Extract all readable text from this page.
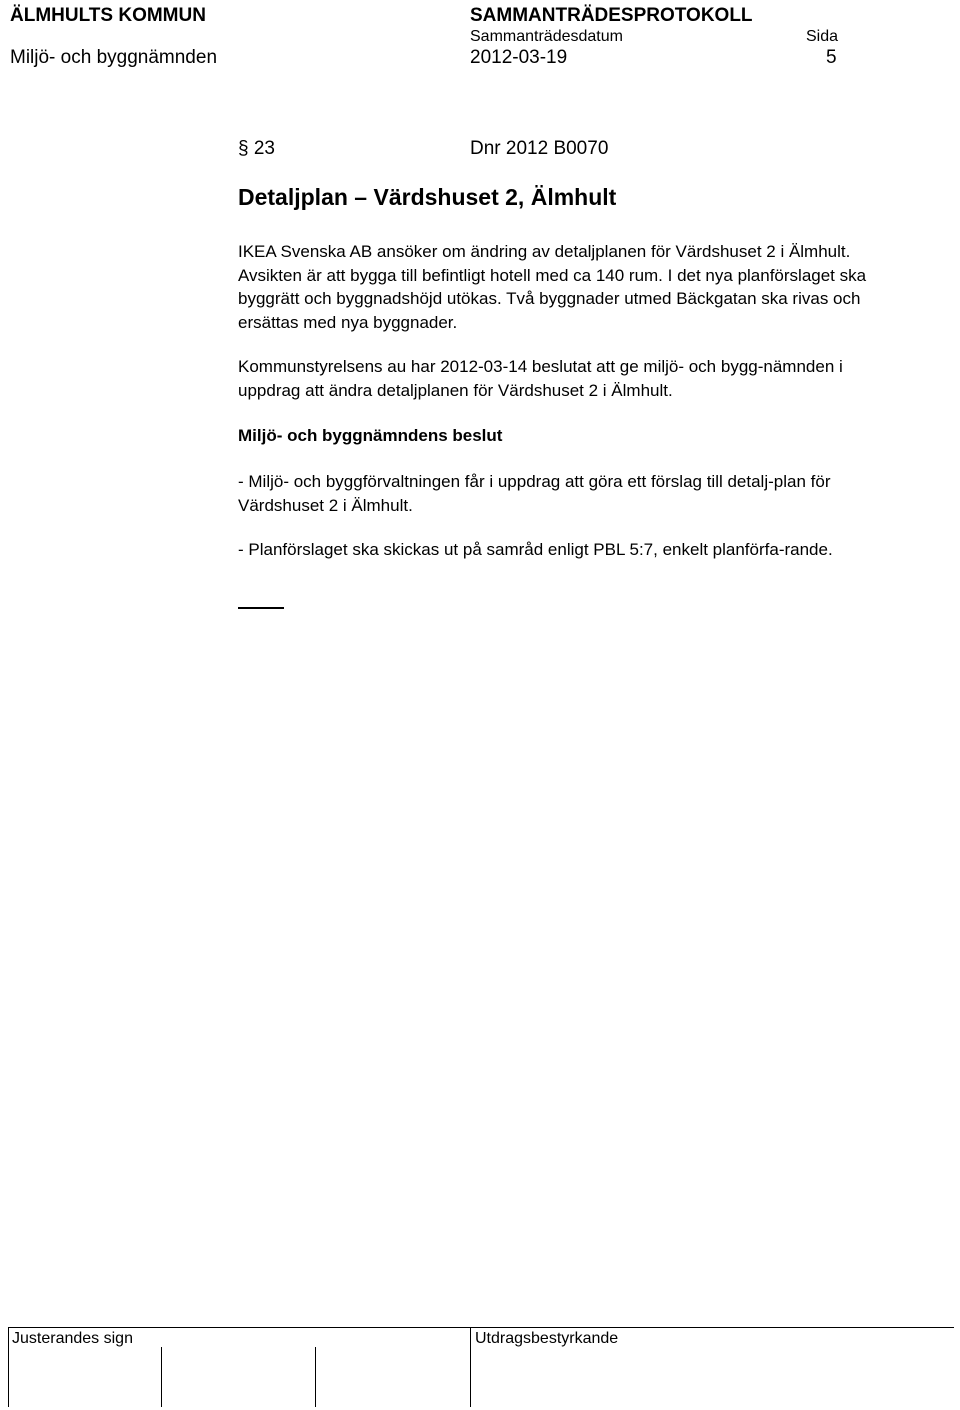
ÄLMHULTS KOMMUN	SAMMANTRÄDESPROTOKOLL
Sammanträdesdatum	Sida
Miljö- och byggnämnden	2012-03-19	5
§ 23	Dnr 2012 B0070
Detaljplan – Värdshuset 2, Älmhult

IKEA Svenska AB ansöker om ändring av detaljplanen för Värdshuset 2 i Älmhult. Avsikten är att bygga till befintligt hotell med ca 140 rum. I det nya planförslaget ska byggrätt och byggnadshöjd utökas. Två byggnader utmed Bäckgatan ska rivas och ersättas med nya byggnader.

Kommunstyrelsens au har 2012-03-14 beslutat att ge miljö- och bygg-nämnden i uppdrag att ändra detaljplanen för Värdshuset 2 i Älmhult.

Miljö- och byggnämndens beslut

- Miljö- och byggförvaltningen får i uppdrag att göra ett förslag till detalj-plan för Värdshuset 2 i Älmhult.

- Planförslaget ska skickas ut på samråd enligt PBL 5:7, enkelt planförfa-rande.

Justerandes sign	Utdragsbestyrkande
